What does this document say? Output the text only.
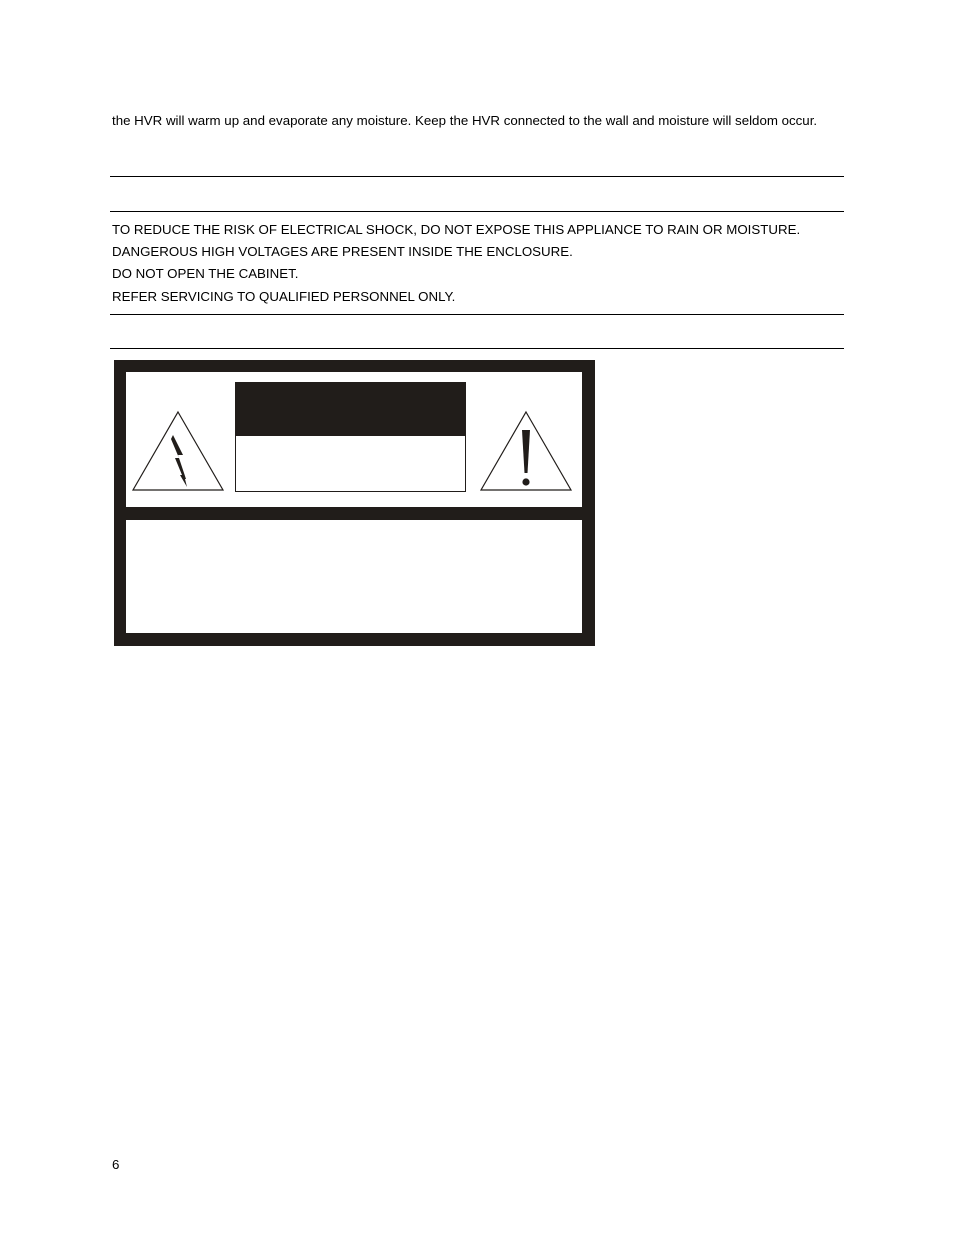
the HVR will warm up and evaporate any moisture. Keep the HVR connected to the wall and moisture will seldom occur.

TO REDUCE THE RISK OF ELECTRICAL SHOCK, DO NOT EXPOSE THIS APPLIANCE TO RAIN OR MOISTURE.

DANGEROUS HIGH VOLTAGES ARE PRESENT INSIDE THE ENCLOSURE.

DO NOT OPEN THE CABINET.

REFER SERVICING TO QUALIFIED PERSONNEL ONLY.

6
